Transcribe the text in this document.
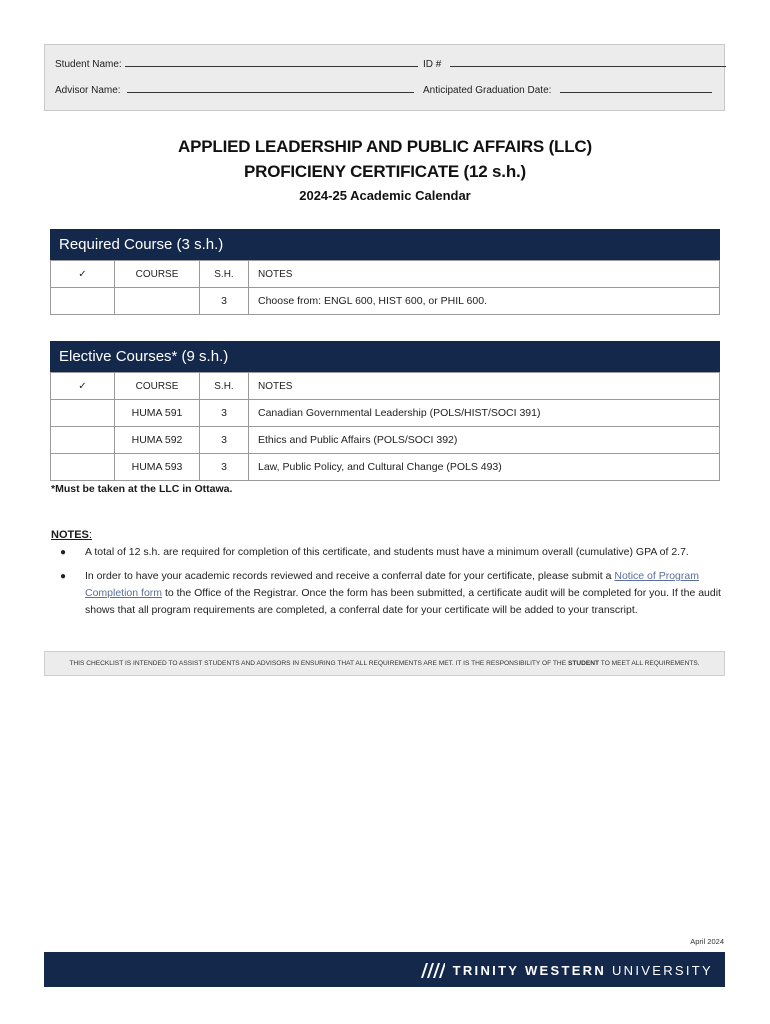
Student Name:	ID #
Advisor Name:	Anticipated Graduation Date:
APPLIED LEADERSHIP AND PUBLIC AFFAIRS (LLC)
PROFICIENY CERTIFICATE (12 s.h.)
2024-25 Academic Calendar
Required Course (3 s.h.)
✓	COURSE	S.H.	NOTES
		3	Choose from: ENGL 600, HIST 600, or PHIL 600.
Elective Courses* (9 s.h.)
✓	COURSE	S.H.	NOTES
	HUMA 591	3	Canadian Governmental Leadership (POLS/HIST/SOCI 391)
	HUMA 592	3	Ethics and Public Affairs (POLS/SOCI 392)
	HUMA 593	3	Law, Public Policy, and Cultural Change (POLS 493)
*Must be taken at the LLC in Ottawa.
NOTES:
● A total of 12 s.h. are required for completion of this certificate, and students must have a minimum overall (cumulative) GPA of 2.7.
● In order to have your academic records reviewed and receive a conferral date for your certificate, please submit a Notice of Program Completion form to the Office of the Registrar. Once the form has been submitted, a certificate audit will be completed for you. If the audit shows that all program requirements are completed, a conferral date for your certificate will be added to your transcript.
THIS CHECKLIST IS INTENDED TO ASSIST STUDENTS AND ADVISORS IN ENSURING THAT ALL REQUIREMENTS ARE MET. IT IS THE RESPONSIBILITY OF THE STUDENT TO MEET ALL REQUIREMENTS.
April 2024
TRINITY WESTERN UNIVERSITY
